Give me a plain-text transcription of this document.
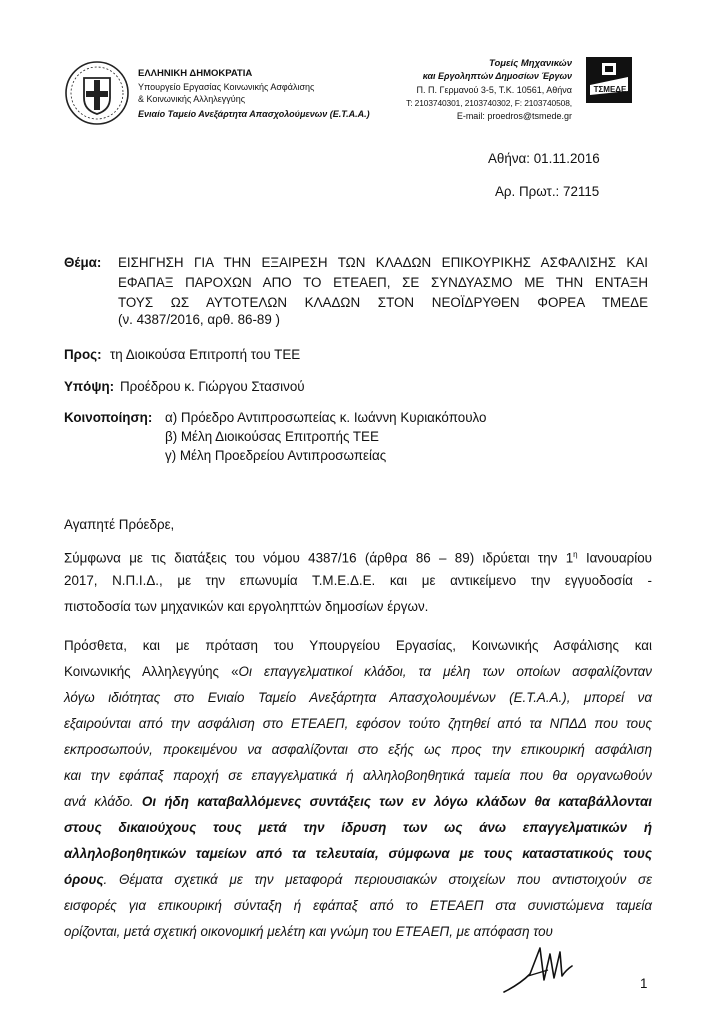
ΕΛΛΗΝΙΚΗ ΔΗΜΟΚΡΑΤΙΑ
Υπουργείο Εργασίας Κοινωνικής Ασφάλισης
& Κοινωνικής Αλληλεγγύης
Ενιαίο Ταμείο Ανεξάρτητα Απασχολούμενων (Ε.Τ.Α.Α.)
Τομείς Μηχανικών
και Εργοληπτών Δημοσίων Έργων
Π. Π. Γερμανού 3-5, Τ.Κ. 10561, Αθήνα
Τ: 2103740301, 2103740302, F: 2103740508,
E-mail: proedros@tsmede.gr
ΤΣΜΕΔΕ
Αθήνα: 01.11.2016
Αρ. Πρωτ.: 72115
Θέμα: ΕΙΣΗΓΗΣΗ ΓΙΑ ΤΗΝ ΕΞΑΙΡΕΣΗ ΤΩΝ ΚΛΑΔΩΝ ΕΠΙΚΟΥΡΙΚΗΣ ΑΣΦΑΛΙΣΗΣ ΚΑΙ
ΕΦΑΠΑΞ ΠΑΡΟΧΩΝ ΑΠΟ ΤΟ ΕΤΕΑΕΠ, ΣΕ ΣΥΝΔΥΑΣΜΟ ΜΕ ΤΗΝ ΕΝΤΑΞΗ
ΤΟΥΣ ΩΣ ΑΥΤΟΤΕΛΩΝ ΚΛΑΔΩΝ ΣΤΟΝ ΝΕΟΪΔΡΥΘΕΝ ΦΟΡΕΑ ΤΜΕΔΕ
(ν. 4387/2016, αρθ. 86-89 )
Προς: τη Διοικούσα Επιτροπή του ΤΕΕ
Υπόψη: Προέδρου κ. Γιώργου Στασινού
Κοινοποίηση: α) Πρόεδρο Αντιπροσωπείας κ. Ιωάννη Κυριακόπουλο
β) Μέλη Διοικούσας Επιτροπής ΤΕΕ
γ) Μέλη Προεδρείου Αντιπροσωπείας
Αγαπητέ Πρόεδρε,
Σύμφωνα με τις διατάξεις του νόμου 4387/16 (άρθρα 86 – 89) ιδρύεται την $1^\eta$ Ιανουαρίου
2017, Ν.Π.Ι.Δ., με την επωνυμία Τ.Μ.Ε.Δ.Ε. και με αντικείμενο την εγγυοδοσία -
πιστοδοσία των μηχανικών και εργοληπτών δημοσίων έργων.
Πρόσθετα, και με πρόταση του Υπουργείου Εργασίας, Κοινωνικής Ασφάλισης και
Κοινωνικής Αλληλεγγύης «Οι επαγγελματικοί κλάδοι, τα μέλη των οποίων ασφαλίζονταν
λόγω ιδιότητας στο Ενιαίο Ταμείο Ανεξάρτητα Απασχολουμένων (Ε.Τ.Α.Α.), μπορεί να
εξαιρούνται από την ασφάλιση στο ΕΤΕΑΕΠ, εφόσον τούτο ζητηθεί από τα ΝΠΔΔ που τους
εκπροσωπούν, προκειμένου να ασφαλίζονται στο εξής ως προς την επικουρική ασφάλιση
και την εφάπαξ παροχή σε επαγγελματικά ή αλληλοβοηθητικά ταμεία που θα οργανωθούν
ανά κλάδο. Οι ήδη καταβαλλόμενες συντάξεις των εν λόγω κλάδων θα καταβάλλονται
στους δικαιούχους τους μετά την ίδρυση των ως άνω επαγγελματικών ή
αλληλοβοηθητικών ταμείων από τα τελευταία, σύμφωνα με τους καταστατικούς τους
όρους. Θέματα σχετικά με την μεταφορά περιουσιακών στοιχείων που αντιστοιχούν σε
εισφορές για επικουρική σύνταξη ή εφάπαξ από το ΕΤΕΑΕΠ στα συνιστώμενα ταμεία
ορίζονται, μετά σχετική οικονομική μελέτη και γνώμη του ΕΤΕΑΕΠ, με απόφαση του
1
